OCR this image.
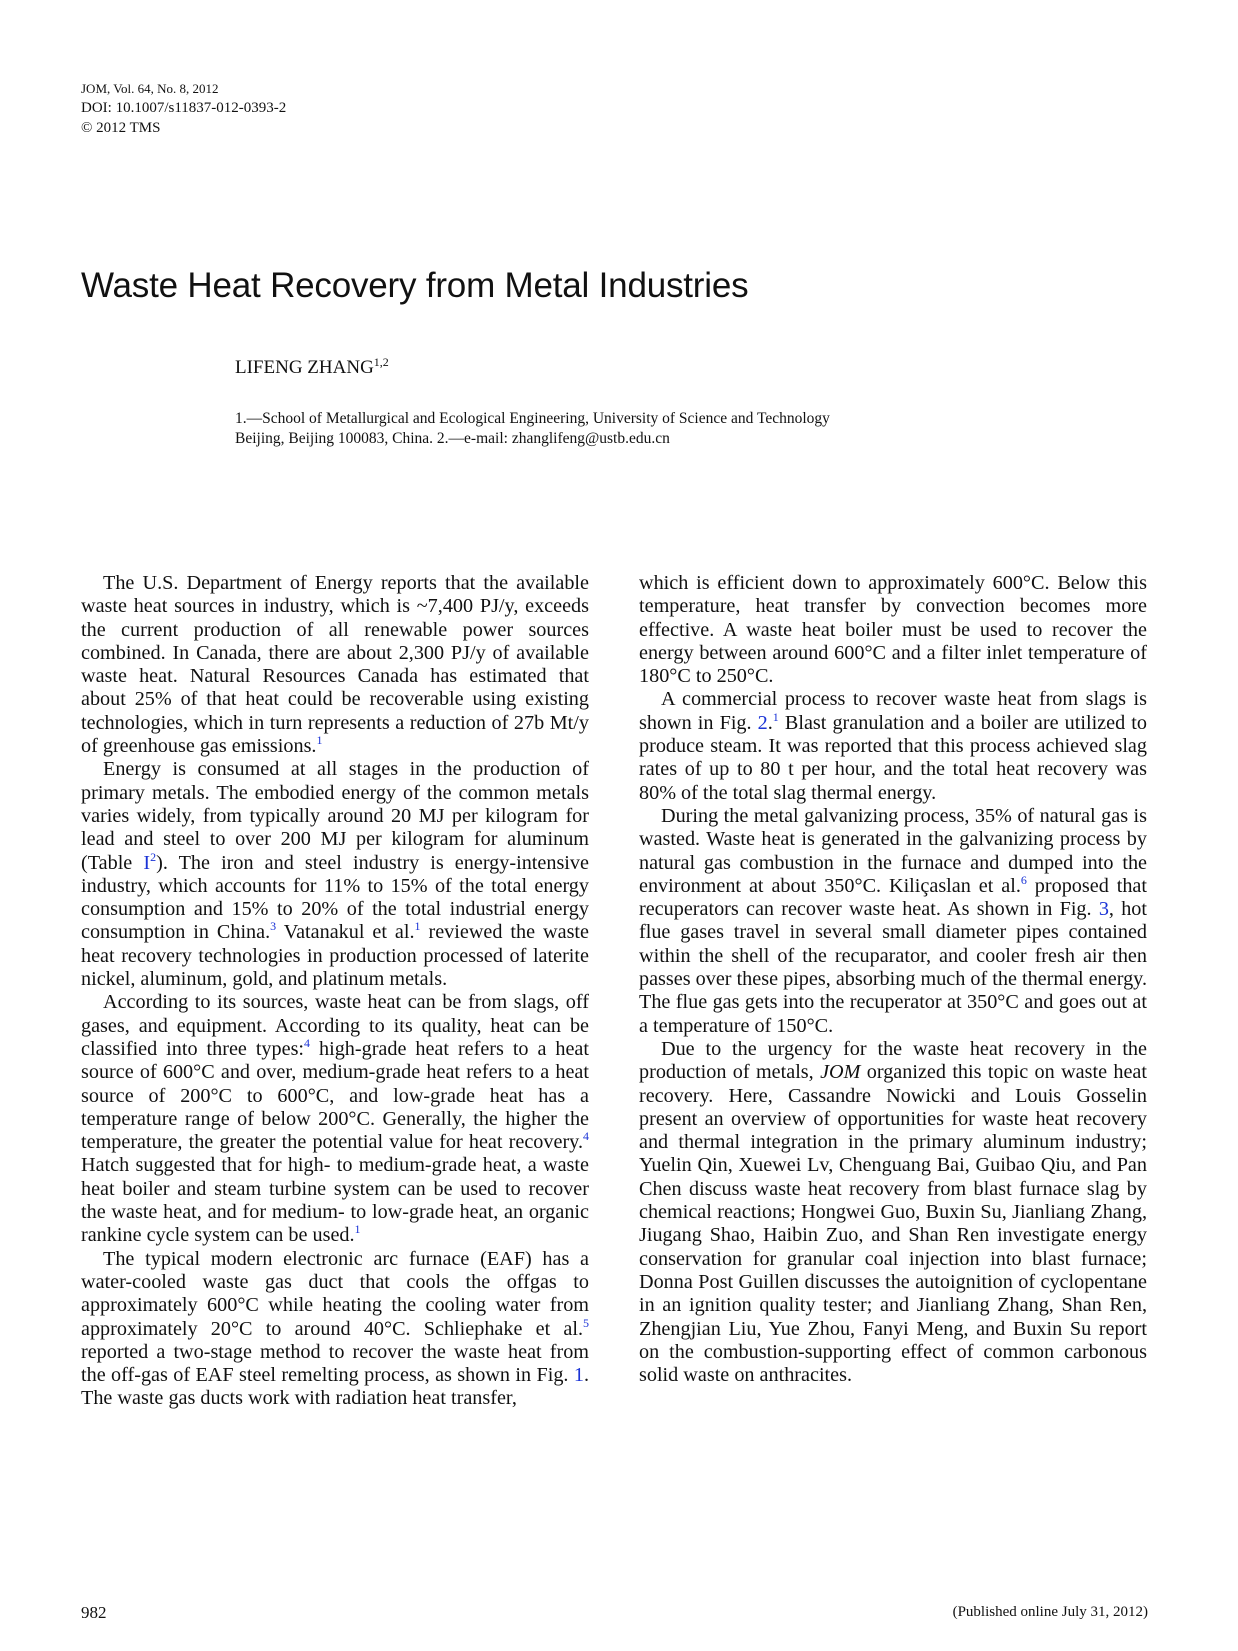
JOM, Vol. 64, No. 8, 2012
DOI: 10.1007/s11837-012-0393-2
© 2012 TMS
Waste Heat Recovery from Metal Industries
LIFENG ZHANG$^{1,2}$
1.—School of Metallurgical and Ecological Engineering, University of Science and Technology
Beijing, Beijing 100083, China. 2.—e-mail: zhanglifeng@ustb.edu.cn

The U.S. Department of Energy reports that the available waste heat sources in industry, which is ~7,400 PJ/y, exceeds the current production of all renewable power sources combined. In Canada, there are about 2,300 PJ/y of available waste heat. Natural Resources Canada has estimated that about 25% of that heat could be recoverable using existing technologies, which in turn represents a reduction of 27b Mt/y of greenhouse gas emissions.$^1$

Energy is consumed at all stages in the production of primary metals. The embodied energy of the common metals varies widely, from typically around 20 MJ per kilogram for lead and steel to over 200 MJ per kilogram for aluminum (Table $I^2$). The iron and steel industry is energy-intensive industry, which accounts for 11% to 15% of the total energy consumption and 15% to 20% of the total industrial energy consumption in China.$^3$ Vatanakul et al.$^1$ reviewed the waste heat recovery technologies in production processed of laterite nickel, aluminum, gold, and platinum metals.

According to its sources, waste heat can be from slags, off gases, and equipment. According to its quality, heat can be classified into three types:$^4$ high-grade heat refers to a heat source of 600°C and over, medium-grade heat refers to a heat source of 200°C to 600°C, and low-grade heat has a temperature range of below 200°C. Generally, the higher the temperature, the greater the potential value for heat recovery.$^4$ Hatch suggested that for high- to medium-grade heat, a waste heat boiler and steam turbine system can be used to recover the waste heat, and for medium- to low-grade heat, an organic rankine cycle system can be used.$^1$

The typical modern electronic arc furnace (EAF) has a water-cooled waste gas duct that cools the offgas to approximately 600°C while heating the cooling water from approximately 20°C to around 40°C. Schliephake et al.$^5$ reported a two-stage method to recover the waste heat from the off-gas of EAF steel remelting process, as shown in Fig. 1. The waste gas ducts work with radiation heat transfer,

which is efficient down to approximately 600°C. Below this temperature, heat transfer by convection becomes more effective. A waste heat boiler must be used to recover the energy between around 600°C and a filter inlet temperature of 180°C to 250°C.

A commercial process to recover waste heat from slags is shown in Fig. 2.$^1$ Blast granulation and a boiler are utilized to produce steam. It was reported that this process achieved slag rates of up to 80 t per hour, and the total heat recovery was 80% of the total slag thermal energy.

During the metal galvanizing process, 35% of natural gas is wasted. Waste heat is generated in the galvanizing process by natural gas combustion in the furnace and dumped into the environment at about 350°C. Kiliçaslan et al.$^6$ proposed that recuperators can recover waste heat. As shown in Fig. 3, hot flue gases travel in several small diameter pipes contained within the shell of the recuparator, and cooler fresh air then passes over these pipes, absorbing much of the thermal energy. The flue gas gets into the recuperator at 350°C and goes out at a temperature of 150°C.

Due to the urgency for the waste heat recovery in the production of metals, JOM organized this topic on waste heat recovery. Here, Cassandre Nowicki and Louis Gosselin present an overview of opportunities for waste heat recovery and thermal integration in the primary aluminum industry; Yuelin Qin, Xuewei Lv, Chenguang Bai, Guibao Qiu, and Pan Chen discuss waste heat recovery from blast furnace slag by chemical reactions; Hongwei Guo, Buxin Su, Jianliang Zhang, Jiugang Shao, Haibin Zuo, and Shan Ren investigate energy conservation for granular coal injection into blast furnace; Donna Post Guillen discusses the autoignition of cyclopentane in an ignition quality tester; and Jianliang Zhang, Shan Ren, Zhengjian Liu, Yue Zhou, Fanyi Meng, and Buxin Su report on the combustion-supporting effect of common carbonous solid waste on anthracites.

982	(Published online July 31, 2012)
